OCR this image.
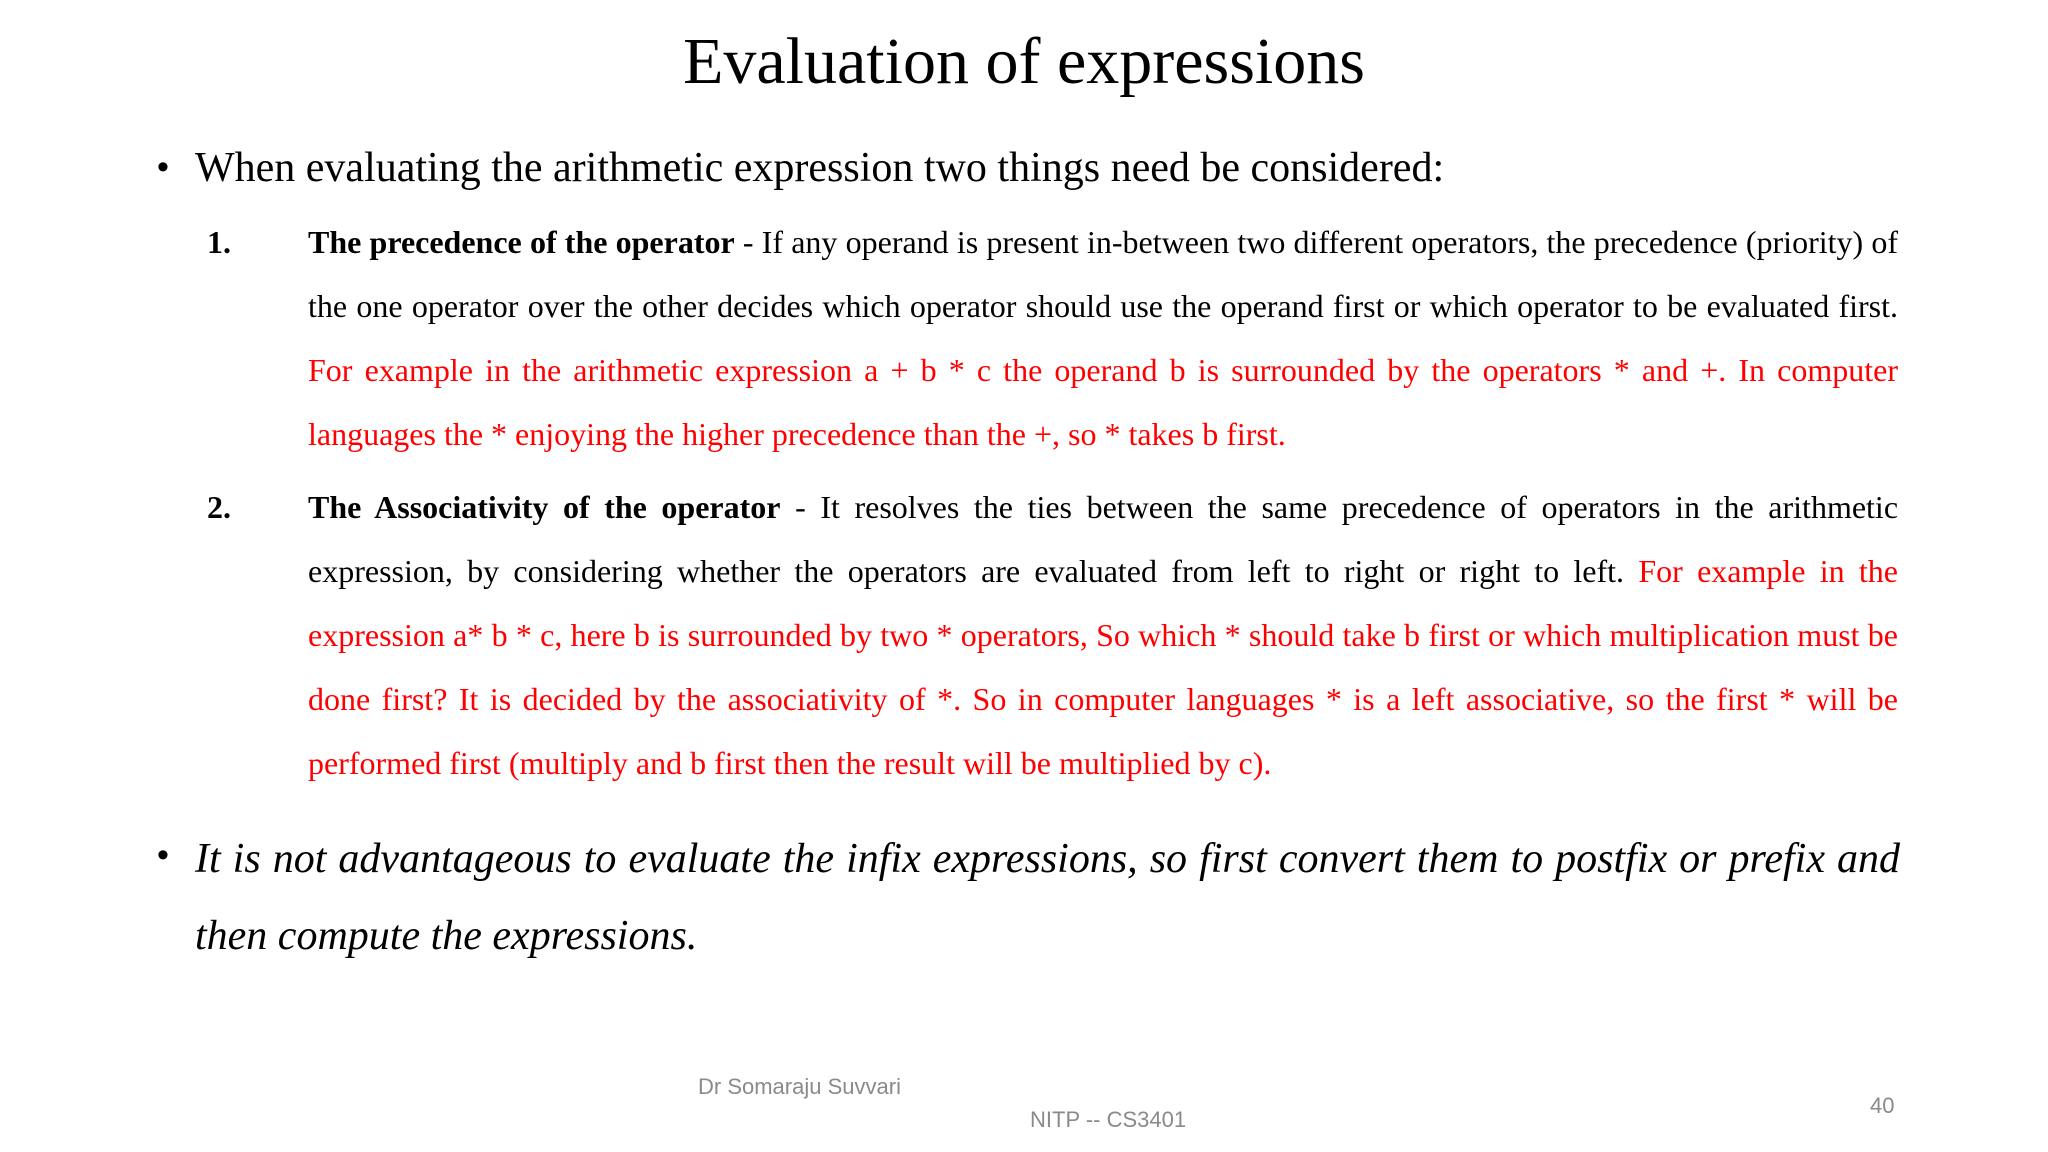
Evaluation of expressions
• When evaluating the arithmetic expression two things need be considered:
1. The precedence of the operator - If any operand is present in-between two different operators, the precedence (priority) of the one operator over the other decides which operator should use the operand first or which operator to be evaluated first. For example in the arithmetic expression a + b * c the operand b is surrounded by the operators * and +. In computer languages the * enjoying the higher precedence than the +, so * takes b first.
2. The Associativity of the operator - It resolves the ties between the same precedence of operators in the arithmetic expression, by considering whether the operators are evaluated from left to right or right to left. For example in the expression a* b * c, here b is surrounded by two * operators, So which * should take b first or which multiplication must be done first? It is decided by the associativity of *. So in computer languages * is a left associative, so the first * will be performed first (multiply and b first then the result will be multiplied by c).
• It is not advantageous to evaluate the infix expressions, so first convert them to postfix or prefix and then compute the expressions.
Dr Somaraju Suvvari
NITP -- CS3401
40
